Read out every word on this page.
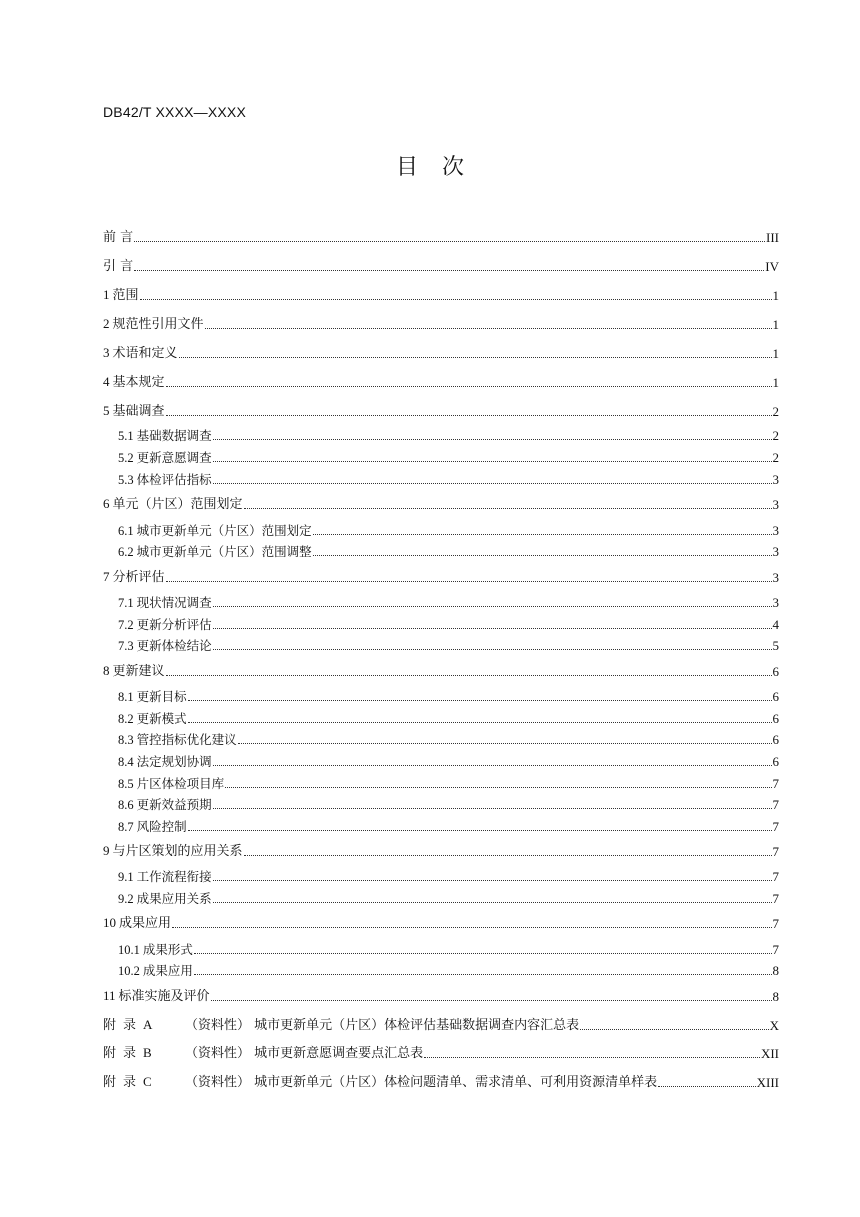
DB42/T XXXX—XXXX
目次
前 言	III
引 言	IV
1 范围	1
2 规范性引用文件	1
3 术语和定义	1
4 基本规定	1
5 基础调查	2
5.1 基础数据调查	2
5.2 更新意愿调查	2
5.3 体检评估指标	3
6 单元（片区）范围划定	3
6.1 城市更新单元（片区）范围划定	3
6.2 城市更新单元（片区）范围调整	3
7 分析评估	3
7.1 现状情况调查	3
7.2 更新分析评估	4
7.3 更新体检结论	5
8 更新建议	6
8.1 更新目标	6
8.2 更新模式	6
8.3 管控指标优化建议	6
8.4 法定规划协调	6
8.5 片区体检项目库	7
8.6 更新效益预期	7
8.7 风险控制	7
9 与片区策划的应用关系	7
9.1 工作流程衔接	7
9.2 成果应用关系	7
10 成果应用	7
10.1 成果形式	7
10.2 成果应用	8
11 标准实施及评价	8
附录A	（资料性） 城市更新单元（片区）体检评估基础数据调查内容汇总表	X
附录B	（资料性） 城市更新意愿调查要点汇总表	XII
附录C	（资料性） 城市更新单元（片区）体检问题清单、需求清单、可利用资源清单样表	XIII
